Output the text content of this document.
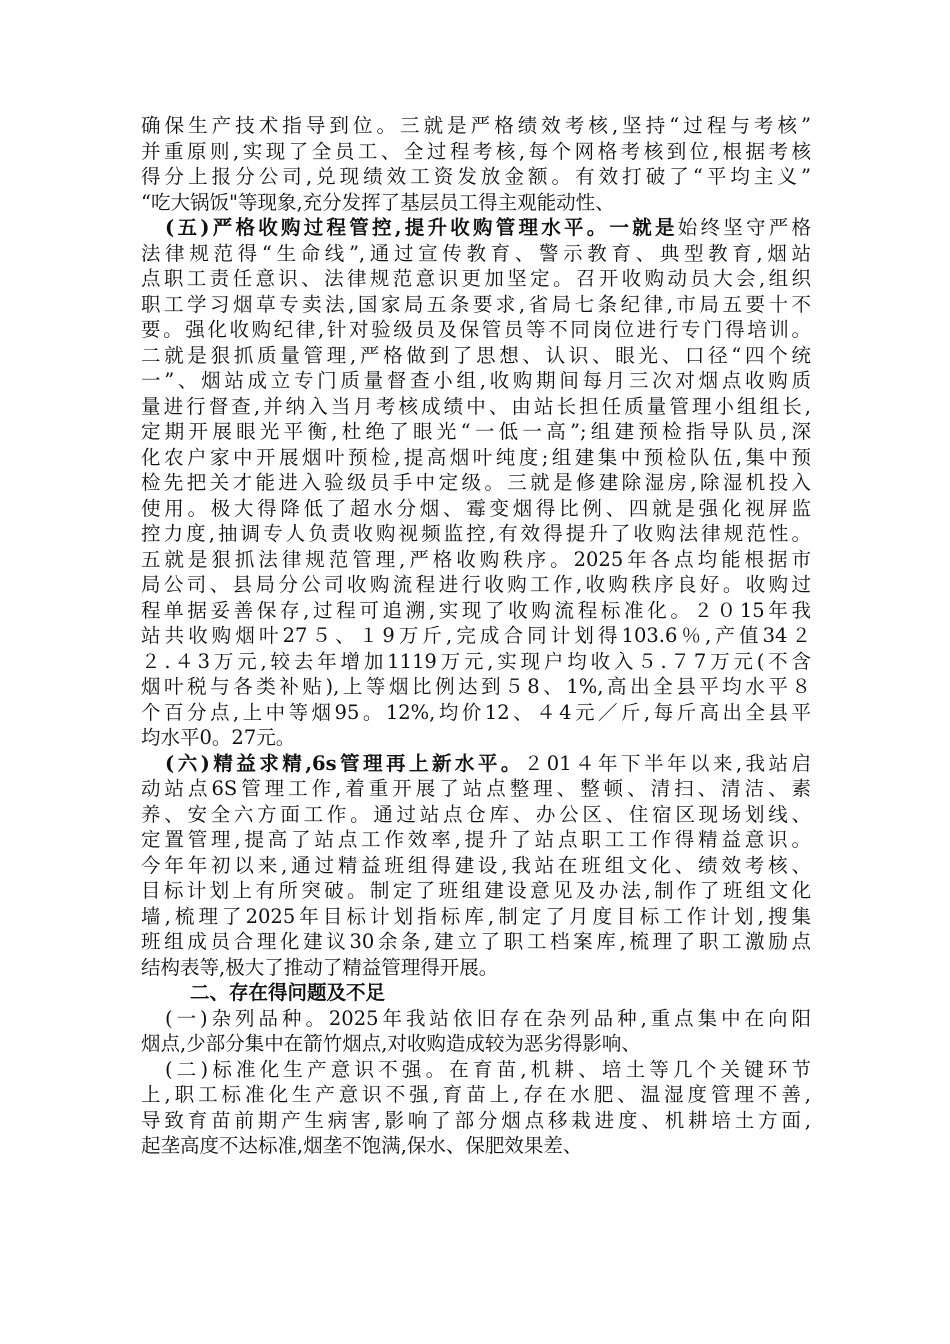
确保生产技术指导到位。三就是严格绩效考核,坚持“过程与考核”
并重原则,实现了全员工、全过程考核,每个网格考核到位,根据考核
得分上报分公司,兑现绩效工资发放金额。有效打破了“平均主义”
“吃大锅饭"等现象,充分发挥了基层员工得主观能动性、
(五)严格收购过程管控,提升收购管理水平。一就是始终坚守严格
法律规范得“生命线”,通过宣传教育、警示教育、典型教育,烟站
点职工责任意识、法律规范意识更加坚定。召开收购动员大会,组织
职工学习烟草专卖法,国家局五条要求,省局七条纪律,市局五要十不
要。强化收购纪律,针对验级员及保管员等不同岗位进行专门得培训。
二就是狠抓质量管理,严格做到了思想、认识、眼光、口径“四个统
一”、烟站成立专门质量督查小组,收购期间每月三次对烟点收购质
量进行督查,并纳入当月考核成绩中、由站长担任质量管理小组组长,
定期开展眼光平衡,杜绝了眼光“一低一高”;组建预检指导队员,深
化农户家中开展烟叶预检,提高烟叶纯度;组建集中预检队伍,集中预
检先把关才能进入验级员手中定级。三就是修建除湿房,除湿机投入
使用。极大得降低了超水分烟、霉变烟得比例、四就是强化视屏监
控力度,抽调专人负责收购视频监控,有效得提升了收购法律规范性。
五就是狠抓法律规范管理,严格收购秩序。2025年各点均能根据市
局公司、县局分公司收购流程进行收购工作,收购秩序良好。收购过
程单据妥善保存,过程可追溯,实现了收购流程标准化。２０15年我
站共收购烟叶27５、１9万斤,完成合同计划得103.6％,产值34２
２.４3万元,较去年增加1119万元,实现户均收入５.７7万元(不含
烟叶税与各类补贴),上等烟比例达到５8、1%,高出全县平均水平８
个百分点,上中等烟95。12%,均价12、４4元／斤,每斤高出全县平
均水平0。27元。
(六)精益求精,6s管理再上新水平。２01４年下半年以来,我站启
动站点6S管理工作,着重开展了站点整理、整顿、清扫、清洁、素
养、安全六方面工作。通过站点仓库、办公区、住宿区现场划线、
定置管理,提高了站点工作效率,提升了站点职工工作得精益意识。
今年年初以来,通过精益班组得建设,我站在班组文化、绩效考核、
目标计划上有所突破。制定了班组建设意见及办法,制作了班组文化
墙,梳理了2025年目标计划指标库,制定了月度目标工作计划,搜集
班组成员合理化建议30余条,建立了职工档案库,梳理了职工激励点
结构表等,极大了推动了精益管理得开展。
二、存在得问题及不足
(一)杂列品种。2025年我站依旧存在杂列品种,重点集中在向阳
烟点,少部分集中在箭竹烟点,对收购造成较为恶劣得影响、
(二)标准化生产意识不强。在育苗,机耕、培土等几个关键环节
上,职工标准化生产意识不强,育苗上,存在水肥、温湿度管理不善,
导致育苗前期产生病害,影响了部分烟点移栽进度、机耕培土方面,
起垄高度不达标准,烟垄不饱满,保水、保肥效果差、
